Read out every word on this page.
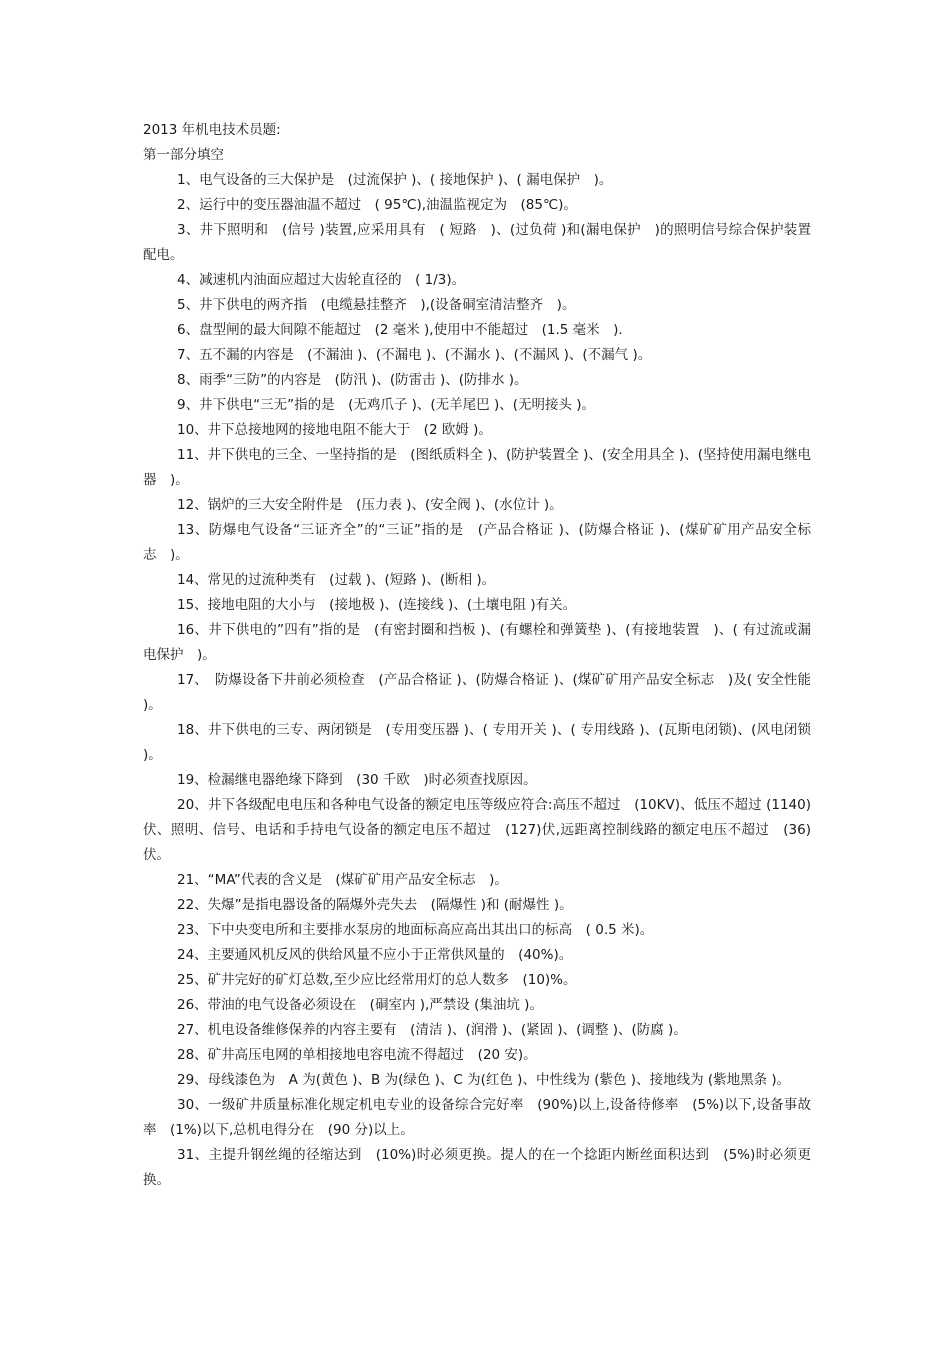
2013 年机电技术员题:
第一部分填空

1、电气设备的三大保护是　(过流保护 )、( 接地保护 )、( 漏电保护　)。

2、运行中的变压器油温不超过　( 95℃),油温监视定为　(85℃)。

3、井下照明和　(信号 )装置,应采用具有　( 短路　)、(过负荷 )和(漏电保护　)的照明信号综合保护装置配电。

4、减速机内油面应超过大齿轮直径的　( 1/3)。

5、井下供电的两齐指　(电缆悬挂整齐　),(设备硐室清洁整齐　)。

6、盘型闸的最大间隙不能超过　(2 毫米 ),使用中不能超过　(1.5 毫米　).

7、五不漏的内容是　(不漏油 )、(不漏电 )、(不漏水 )、(不漏风 )、(不漏气 )。

8、雨季“三防”的内容是　(防汛 )、(防雷击 )、(防排水 )。

9、井下供电“三无”指的是　(无鸡爪子 )、(无羊尾巴 )、(无明接头 )。

10、井下总接地网的接地电阻不能大于　(2 欧姆 )。

11、井下供电的三全、一坚持指的是　(图纸质料全 )、(防护装置全 )、(安全用具全 )、(坚持使用漏电继电器　)。

12、锅炉的三大安全附件是　(压力表 )、(安全阀 )、(水位计 )。

13、防爆电气设备“三证齐全”的“三证”指的是　(产品合格证 )、(防爆合格证 )、(煤矿矿用产品安全标志　)。

14、常见的过流种类有　(过载 )、(短路 )、(断相 )。

15、接地电阻的大小与　(接地极 )、(连接线 )、(土壤电阻 )有关。

16、井下供电的”四有”指的是　(有密封圈和挡板 )、(有螺栓和弹簧垫 )、(有接地装置　)、( 有过流或漏电保护　)。

17、　防爆设备下井前必须检查　(产品合格证 )、(防爆合格证 )、(煤矿矿用产品安全标志　)及( 安全性能 )。

18、井下供电的三专、两闭锁是　(专用变压器 )、( 专用开关 )、( 专用线路 )、(瓦斯电闭锁)、(风电闭锁 )。

19、检漏继电器绝缘下降到　(30 千欧　)时必须查找原因。

20、井下各级配电电压和各种电气设备的额定电压等级应符合:高压不超过　(10KV)、低压不超过 (1140)伏、照明、信号、电话和手持电气设备的额定电压不超过　(127)伏,远距离控制线路的额定电压不超过　(36)伏。

21、“MA”代表的含义是　(煤矿矿用产品安全标志　)。

22、失爆”是指电器设备的隔爆外壳失去　(隔爆性 )和 (耐爆性 )。

23、下中央变电所和主要排水泵房的地面标高应高出其出口的标高　( 0.5 米)。

24、主要通风机反风的供给风量不应小于正常供风量的　(40%)。

25、矿井完好的矿灯总数,至少应比经常用灯的总人数多　(10)%。

26、带油的电气设备必须设在　(硐室内 ),严禁设 (集油坑 )。

27、机电设备维修保养的内容主要有　(清洁 )、(润滑 )、(紧固 )、(调整 )、(防腐 )。

28、矿井高压电网的单相接地电容电流不得超过　(20 安)。

29、母线漆色为　A 为(黄色 )、B 为(绿色 )、C 为(红色 )、中性线为 (紫色 )、接地线为 (紫地黑条 )。

30、一级矿井质量标准化规定机电专业的设备综合完好率　(90%)以上,设备待修率　(5%)以下,设备事故率　(1%)以下,总机电得分在　(90 分)以上。

31、主提升钢丝绳的径缩达到　(10%)时必须更换。提人的在一个捻距内断丝面积达到　(5%)时必须更换。
